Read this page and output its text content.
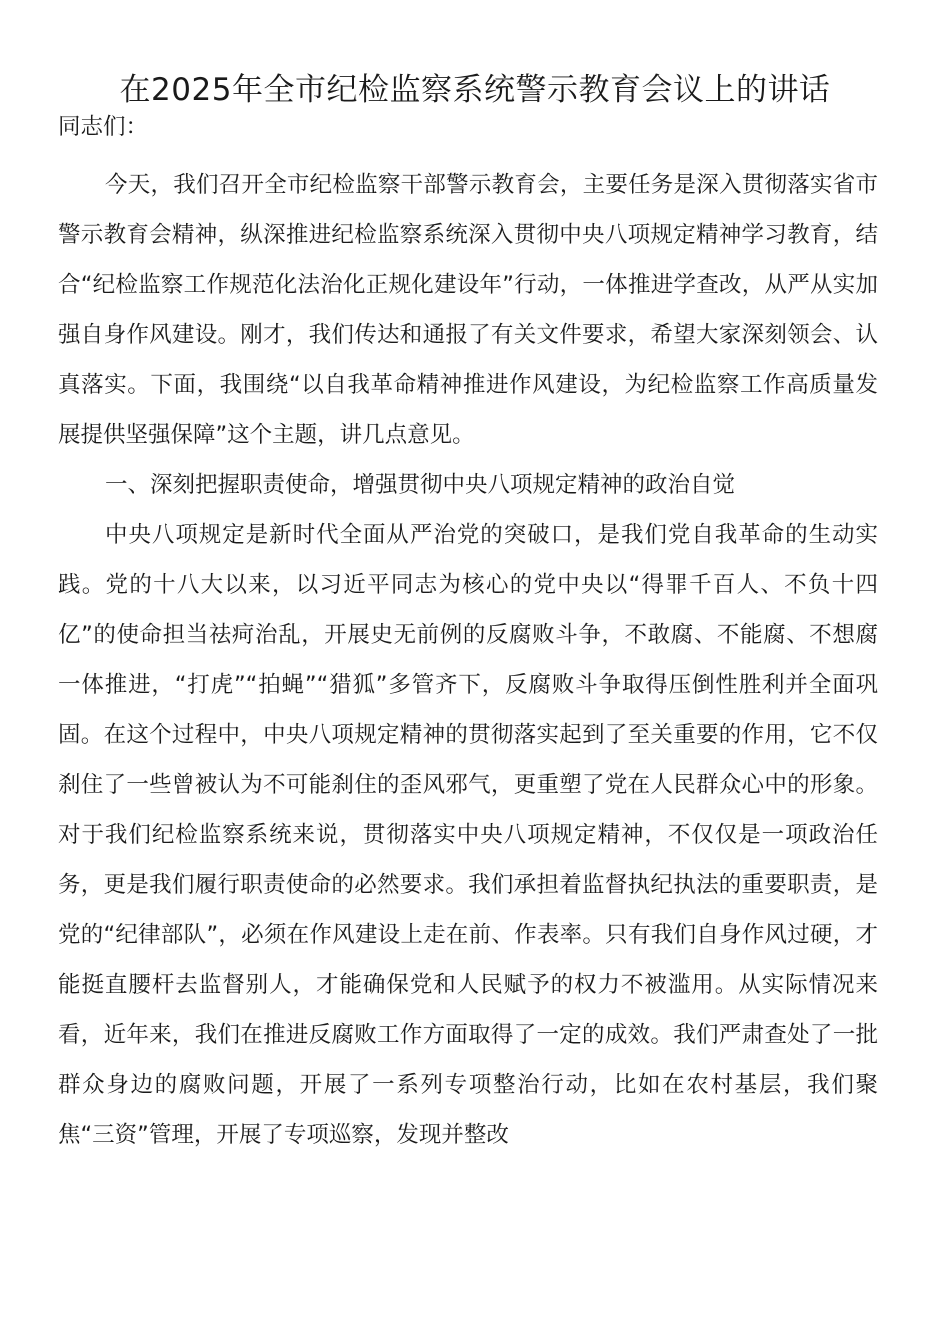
在2025年全市纪检监察系统警示教育会议上的讲话

同志们：

今天，我们召开全市纪检监察干部警示教育会，主要任务是深入贯彻落实省市警示教育会精神，纵深推进纪检监察系统深入贯彻中央八项规定精神学习教育，结合“纪检监察工作规范化法治化正规化建设年”行动，一体推进学查改，从严从实加强自身作风建设。刚才，我们传达和通报了有关文件要求，希望大家深刻领会、认真落实。下面，我围绕“以自我革命精神推进作风建设，为纪检监察工作高质量发展提供坚强保障”这个主题，讲几点意见。

一、深刻把握职责使命，增强贯彻中央八项规定精神的政治自觉

中央八项规定是新时代全面从严治党的突破口，是我们党自我革命的生动实践。党的十八大以来，以习近平同志为核心的党中央以“得罪千百人、不负十四亿”的使命担当祛疴治乱，开展史无前例的反腐败斗争，不敢腐、不能腐、不想腐一体推进，“打虎”“拍蝇”“猎狐”多管齐下，反腐败斗争取得压倒性胜利并全面巩固。在这个过程中，中央八项规定精神的贯彻落实起到了至关重要的作用，它不仅刹住了一些曾被认为不可能刹住的歪风邪气，更重塑了党在人民群众心中的形象。对于我们纪检监察系统来说，贯彻落实中央八项规定精神，不仅仅是一项政治任务，更是我们履行职责使命的必然要求。我们承担着监督执纪执法的重要职责，是党的“纪律部队”，必须在作风建设上走在前、作表率。只有我们自身作风过硬，才能挺直腰杆去监督别人，才能确保党和人民赋予的权力不被滥用。从实际情况来看，近年来，我们在推进反腐败工作方面取得了一定的成效。我们严肃查处了一批群众身边的腐败问题，开展了一系列专项整治行动，比如在农村基层，我们聚焦“三资”管理，开展了专项巡察，发现并整改
